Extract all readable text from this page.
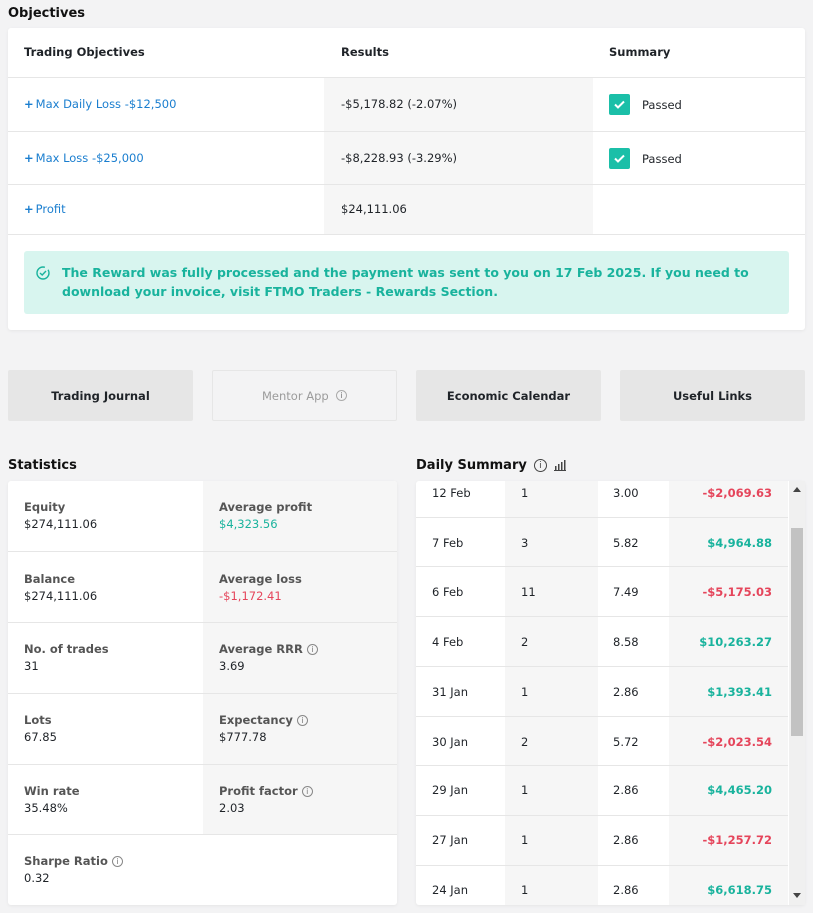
Objectives
Trading Objectives	Results	Summary
+ Max Daily Loss -$12,500	-$5,178.82 (-2.07%)	Passed
+ Max Loss -$25,000	-$8,228.93 (-3.29%)	Passed
+ Profit	$24,111.06
The Reward was fully processed and the payment was sent to you on 17 Feb 2025. If you need to download your invoice, visit FTMO Traders - Rewards Section.
Trading Journal	Mentor App
	i	Economic Calendar	Useful Links
Statistics
Equity
$274,111.06
Average profit
$4,323.56
Balance
$274,111.06
Average loss
-$1,172.41
No. of trades
31
Average RRR	i
3.69
Lots
67.85
Expectancy	i
$777.78
Win rate
35.48%
Profit factor	i
2.03
Sharpe Ratio	i
0.32
Daily Summary	i
12 Feb	1	3.00	-$2,069.63
7 Feb	3	5.82	$4,964.88
6 Feb	11	7.49	-$5,175.03
4 Feb	2	8.58	$10,263.27
31 Jan	1	2.86	$1,393.41
30 Jan	2	5.72	-$2,023.54
29 Jan	1	2.86	$4,465.20
27 Jan	1	2.86	-$1,257.72
24 Jan	1	2.86	$6,618.75
